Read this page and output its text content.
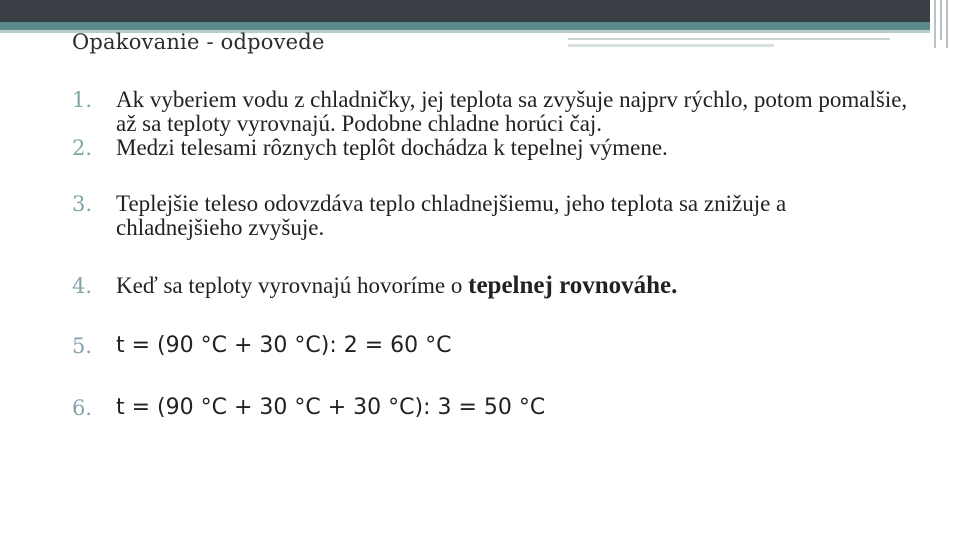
Opakovanie - odpovede
1. Ak vyberiem vodu z chladničky, jej teplota sa zvyšuje najprv rýchlo, potom pomalšie, až sa teploty vyrovnajú. Podobne chladne horúci čaj.
2. Medzi telesami rôznych teplôt dochádza k tepelnej výmene.
3. Teplejšie teleso odovzdáva teplo chladnejšiemu, jeho teplota sa znižuje a chladnejšieho zvyšuje.
4. Keď sa teploty vyrovnajú hovoríme o tepelnej rovnováhe.
5. t = (90 °C + 30 °C): 2 = 60 °C
6. t = (90 °C + 30 °C + 30 °C): 3 = 50 °C
